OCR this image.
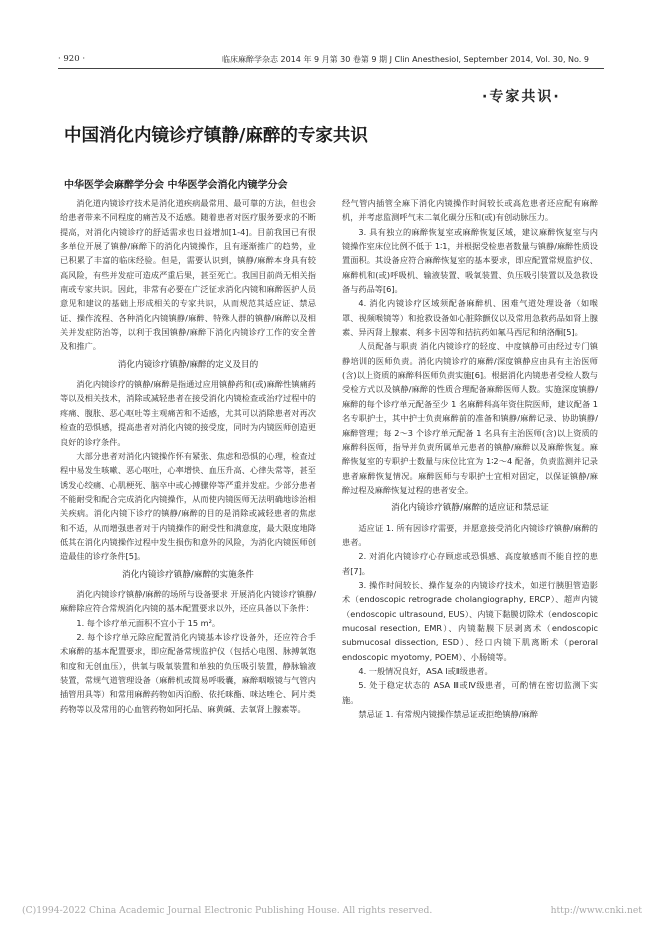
· 920 ·	临床麻醉学杂志 2014 年 9 月第 30 卷第 9 期 J Clin Anesthesiol, September 2014, Vol. 30, No. 9
·专家共识·
中国消化内镜诊疗镇静/麻醉的专家共识
中华医学会麻醉学分会 中华医学会消化内镜学分会

消化道内镜诊疗技术是消化道疾病最常用、最可靠的方法，但也会给患者带来不同程度的痛苦及不适感。随着患者对医疗服务要求的不断提高，对消化内镜诊疗的舒适需求也日益增加[1-4]。目前我国已有很多单位开展了镇静/麻醉下的消化内镜操作，且有逐渐推广的趋势，业已积累了丰富的临床经验。但是，需要认识到，镇静/麻醉本身具有较高风险，有些并发症可造成严重后果，甚至死亡。我国目前尚无相关指南或专家共识。因此，非常有必要在广泛征求消化内镜和麻醉医护人员意见和建议的基础上形成相关的专家共识，从而规范其适应证、禁忌证、操作流程、各种消化内镜镇静/麻醉、特殊人群的镇静/麻醉以及相关并发症防治等，以利于我国镇静/麻醉下消化内镜诊疗工作的安全普及和推广。

消化内镜诊疗镇静/麻醉的定义及目的

消化内镜诊疗的镇静/麻醉是指通过应用镇静药和(或)麻醉性镇痛药等以及相关技术，消除或减轻患者在接受消化内镜检查或治疗过程中的疼痛、腹胀、恶心呕吐等主观痛苦和不适感，尤其可以消除患者对再次检查的恐惧感，提高患者对消化内镜的接受度，同时为内镜医师创造更良好的诊疗条件。

大部分患者对消化内镜操作怀有紧张、焦虑和恐惧的心理，检查过程中易发生咳嗽、恶心呕吐，心率增快、血压升高、心律失常等，甚至诱发心绞痛、心肌梗死、脑卒中或心搏骤停等严重并发症。少部分患者不能耐受和配合完成消化内镜操作，从而使内镜医师无法明确地诊治相关疾病。消化内镜下诊疗的镇静/麻醉的目的是消除或减轻患者的焦虑和不适，从而增强患者对于内镜操作的耐受性和满意度，最大限度地降低其在消化内镜操作过程中发生损伤和意外的风险，为消化内镜医师创造最佳的诊疗条件[5]。

消化内镜诊疗镇静/麻醉的实施条件

消化内镜诊疗镇静/麻醉的场所与设备要求 开展消化内镜诊疗镇静/麻醉除应符合常规消化内镜的基本配置要求以外，还应具备以下条件：

1. 每个诊疗单元面积不宜小于 15 m²。

2. 每个诊疗单元除应配置消化内镜基本诊疗设备外，还应符合手术麻醉的基本配置要求，即应配备常规监护仪（包括心电图、脉搏氧饱和度和无创血压），供氧与吸氧装置和单独的负压吸引装置，静脉输液装置，常规气道管理设备（麻醉机或简易呼吸囊，麻醉咽喉镜与气管内插管用具等）和常用麻醉药物如丙泊酚、依托咪酯、咪达唑仑、阿片类药物等以及常用的心血管药物如阿托品、麻黄碱、去氧肾上腺素等。

经气管内插管全麻下消化内镜操作时间较长或高危患者还应配有麻醉机，并考虑监测呼气末二氧化碳分压和(或)有创动脉压力。

3. 具有独立的麻醉恢复室或麻醉恢复区域，建议麻醉恢复室与内镜操作室床位比例不低于 1∶1，并根据受检患者数量与镇静/麻醉性质设置面积。其设备应符合麻醉恢复室的基本要求，即应配置常规监护仪、麻醉机和(或)呼吸机、输液装置、吸氧装置、负压吸引装置以及急救设备与药品等[6]。

4. 消化内镜诊疗区域须配备麻醉机、困难气道处理设备（如喉罩、视频喉镜等）和抢救设备如心脏除颤仪以及常用急救药品如肾上腺素、异丙肾上腺素、利多卡因等和拮抗药如氟马西尼和纳洛酮[5]。

人员配备与职责 消化内镜诊疗的轻度、中度镇静可由经过专门镇静培训的医师负责。消化内镜诊疗的麻醉/深度镇静应由具有主治医师(含)以上资质的麻醉科医师负责实施[6]。根据消化内镜患者受检人数与受检方式以及镇静/麻醉的性质合理配备麻醉医师人数。实施深度镇静/麻醉的每个诊疗单元配备至少 1 名麻醉科高年资住院医师，建议配备 1 名专职护士，其中护士负责麻醉前的准备和镇静/麻醉记录、协助镇静/麻醉管理；每 2～3 个诊疗单元配备 1 名具有主治医师(含)以上资质的麻醉科医师，指导并负责所属单元患者的镇静/麻醉以及麻醉恢复。麻醉恢复室的专职护士数量与床位比宜为 1∶2～4 配备，负责监测并记录患者麻醉恢复情况。麻醉医师与专职护士宜相对固定，以保证镇静/麻醉过程及麻醉恢复过程的患者安全。

消化内镜诊疗镇静/麻醉的适应证和禁忌证

适应证 1. 所有因诊疗需要，并愿意接受消化内镜诊疗镇静/麻醉的患者。

2. 对消化内镜诊疗心存顾虑或恐惧感、高度敏感而不能自控的患者[7]。

3. 操作时间较长、操作复杂的内镜诊疗技术，如逆行胰胆管造影术（endoscopic retrograde cholangiography, ERCP）、超声内镜（endoscopic ultrasound, EUS）、内镜下黏膜切除术（endoscopic mucosal resection, EMR）、内镜黏膜下层剥离术（endoscopic submucosal dissection, ESD）、经口内镜下肌离断术（peroral endoscopic myotomy, POEM）、小肠镜等。

4. 一般情况良好，ASA Ⅰ或Ⅱ级患者。

5. 处于稳定状态的 ASA Ⅲ或Ⅳ级患者，可酌情在密切监测下实施。

禁忌证 1. 有常规内镜操作禁忌证或拒绝镇静/麻醉

(C)1994-2022 China Academic Journal Electronic Publishing House. All rights reserved.	http://www.cnki.net
